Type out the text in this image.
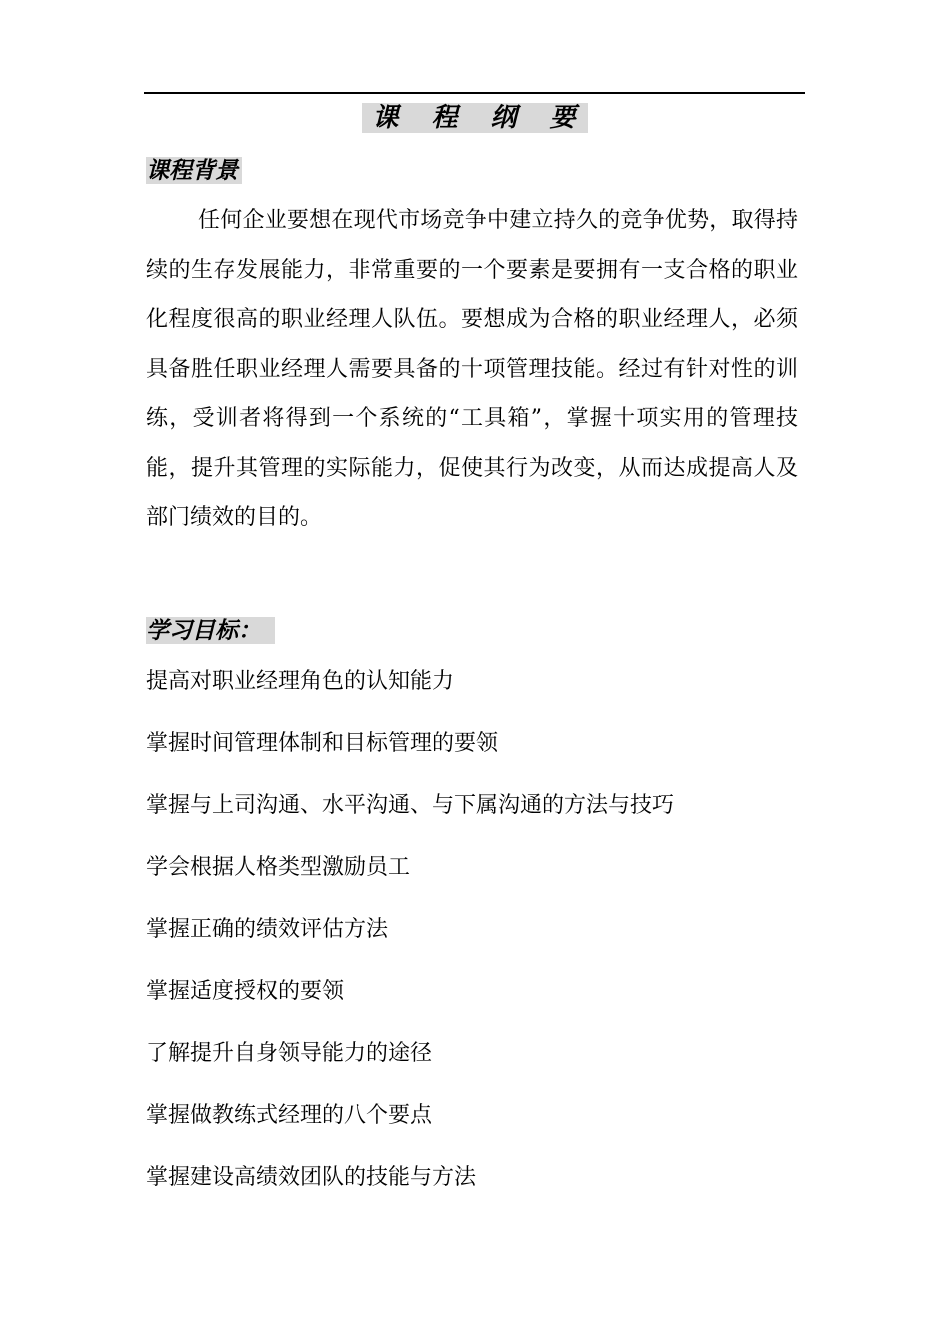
课 程 纲 要
课程背景
任何企业要想在现代市场竞争中建立持久的竞争优势，取得持续的生存发展能力，非常重要的一个要素是要拥有一支合格的职业化程度很高的职业经理人队伍。要想成为合格的职业经理人，必须具备胜任职业经理人需要具备的十项管理技能。经过有针对性的训练，受训者将得到一个系统的“工具箱”，掌握十项实用的管理技能，提升其管理的实际能力，促使其行为改变，从而达成提高人及部门绩效的目的。
学习目标：
提高对职业经理角色的认知能力
掌握时间管理体制和目标管理的要领
掌握与上司沟通、水平沟通、与下属沟通的方法与技巧
学会根据人格类型激励员工
掌握正确的绩效评估方法
掌握适度授权的要领
了解提升自身领导能力的途径
掌握做教练式经理的八个要点
掌握建设高绩效团队的技能与方法
